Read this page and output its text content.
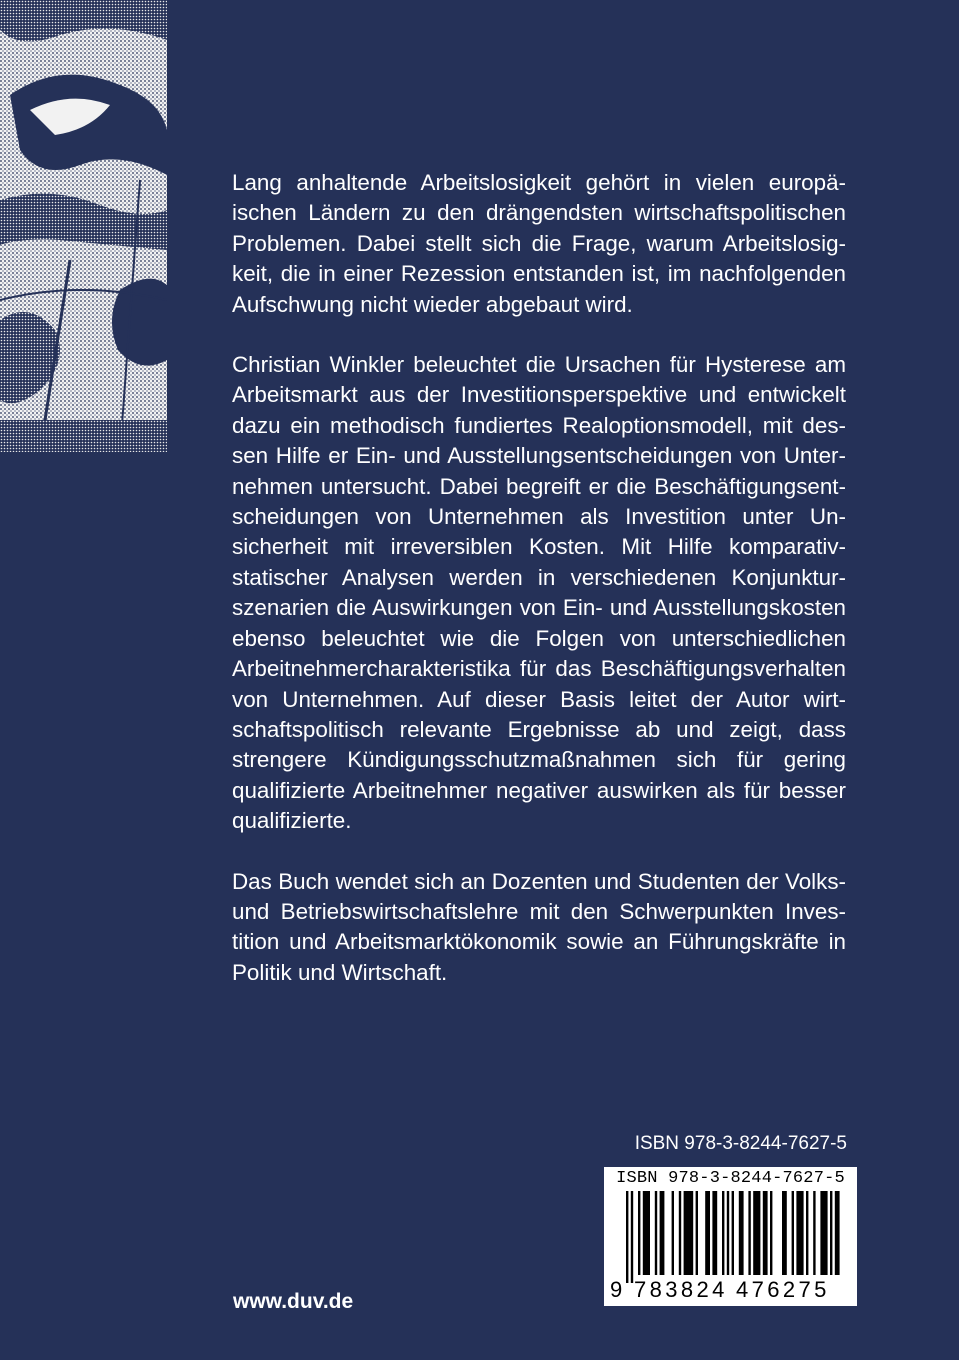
Lang anhaltende Arbeitslosigkeit gehört in vielen europäischen Ländern zu den drängendsten wirtschaftspolitischen Problemen. Dabei stellt sich die Frage, warum Arbeitslosigkeit, die in einer Rezession entstanden ist, im nachfolgenden Aufschwung nicht wieder abgebaut wird.

Christian Winkler beleuchtet die Ursachen für Hysterese am Arbeitsmarkt aus der Investitionsperspektive und entwickelt dazu ein methodisch fundiertes Realoptionsmodell, mit dessen Hilfe er Ein- und Ausstellungsentscheidungen von Unternehmen untersucht. Dabei begreift er die Beschäftigungsentscheidungen von Unternehmen als Investition unter Unsicherheit mit irreversiblen Kosten. Mit Hilfe komparativstatischer Analysen werden in verschiedenen Konjunkturszenarien die Auswirkungen von Ein- und Ausstellungskosten ebenso beleuchtet wie die Folgen von unterschiedlichen Arbeitnehmercharakteristika für das Beschäftigungsverhalten von Unternehmen. Auf dieser Basis leitet der Autor wirtschaftspolitisch relevante Ergebnisse ab und zeigt, dass strengere Kündigungsschutzmaßnahmen sich für gering qualifizierte Arbeitnehmer negativer auswirken als für besser qualifizierte.

Das Buch wendet sich an Dozenten und Studenten der Volks- und Betriebswirtschaftslehre mit den Schwerpunkten Investition und Arbeitsmarktökonomik sowie an Führungskräfte in Politik und Wirtschaft.

ISBN 978-3-8244-7627-5
ISBN 978-3-8244-7627-5
9 783824 476275
www.duv.de
